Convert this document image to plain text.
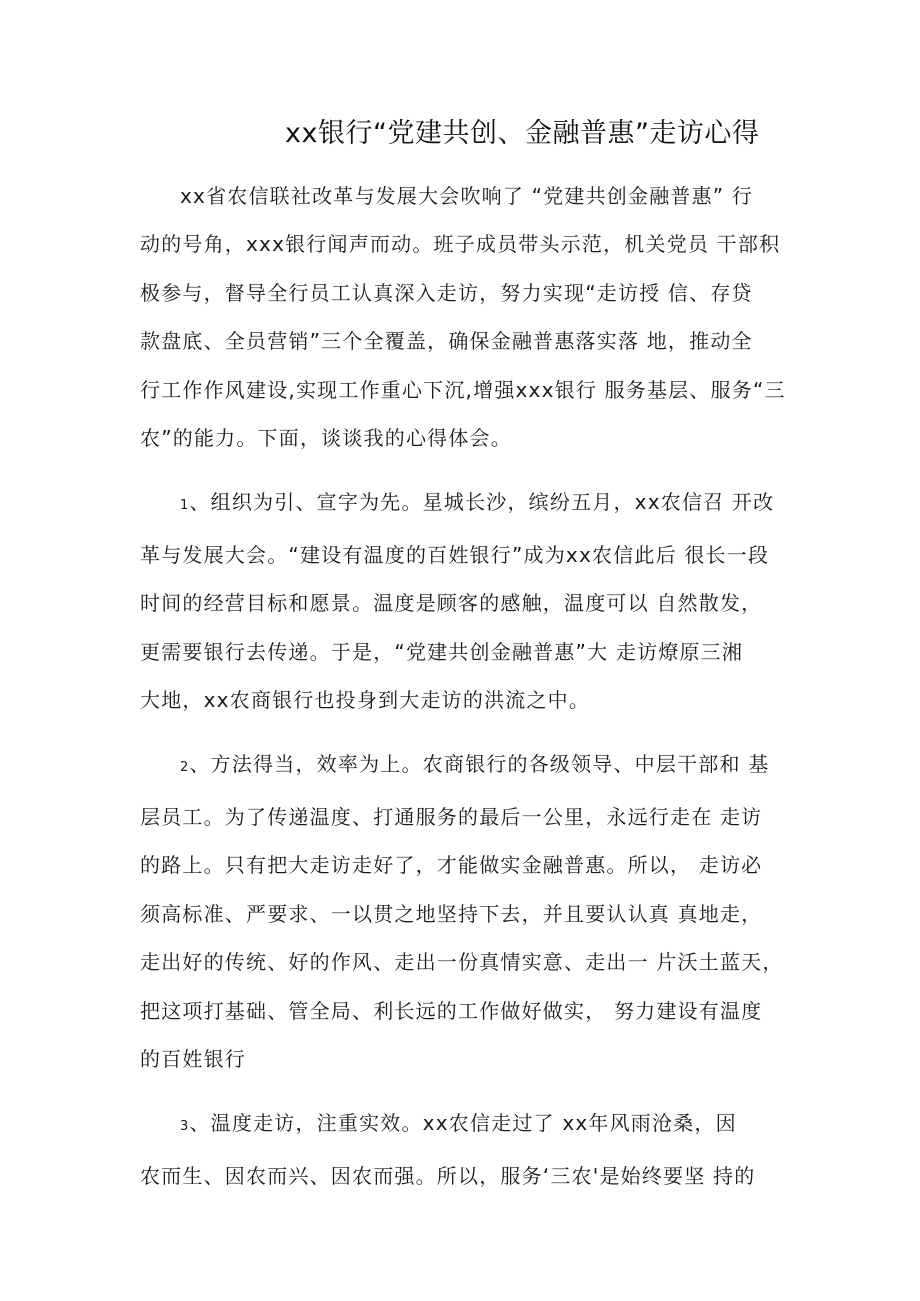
xx银行“党建共创、金融普惠”走访心得
xx省农信联社改革与发展大会吹响了 “党建共创金融普惠” 行
动的号角，xxx银行闻声而动。班子成员带头示范，机关党员 干部积
极参与，督导全行员工认真深入走访，努力实现“走访授 信、存贷
款盘底、全员营销”三个全覆盖，确保金融普惠落实落 地，推动全
行工作作风建设,实现工作重心下沉,增强xxx银行 服务基层、服务“三
农”的能力。下面，谈谈我的心得体会。
1、组织为引、宣字为先。星城长沙，缤纷五月，xx农信召 开改
革与发展大会。“建设有温度的百姓银行”成为xx农信此后 很长一段
时间的经营目标和愿景。温度是顾客的感触，温度可以 自然散发，
更需要银行去传递。于是，“党建共创金融普惠”大 走访燎原三湘
大地，xx农商银行也投身到大走访的洪流之中。
2、方法得当，效率为上。农商银行的各级领导、中层干部和 基
层员工。为了传递温度、打通服务的最后一公里，永远行走在 走访
的路上。只有把大走访走好了，才能做实金融普惠。所以， 走访必
须高标准、严要求、一以贯之地坚持下去，并且要认认真 真地走，
走出好的传统、好的作风、走出一份真情实意、走出一 片沃土蓝天，
把这项打基础、管全局、利长远的工作做好做实， 努力建设有温度
的百姓银行
3、温度走访，注重实效。xx农信走过了 xx年风雨沧桑，因
农而生、因农而兴、因农而强。所以，服务‘三农'是始终要坚 持的
